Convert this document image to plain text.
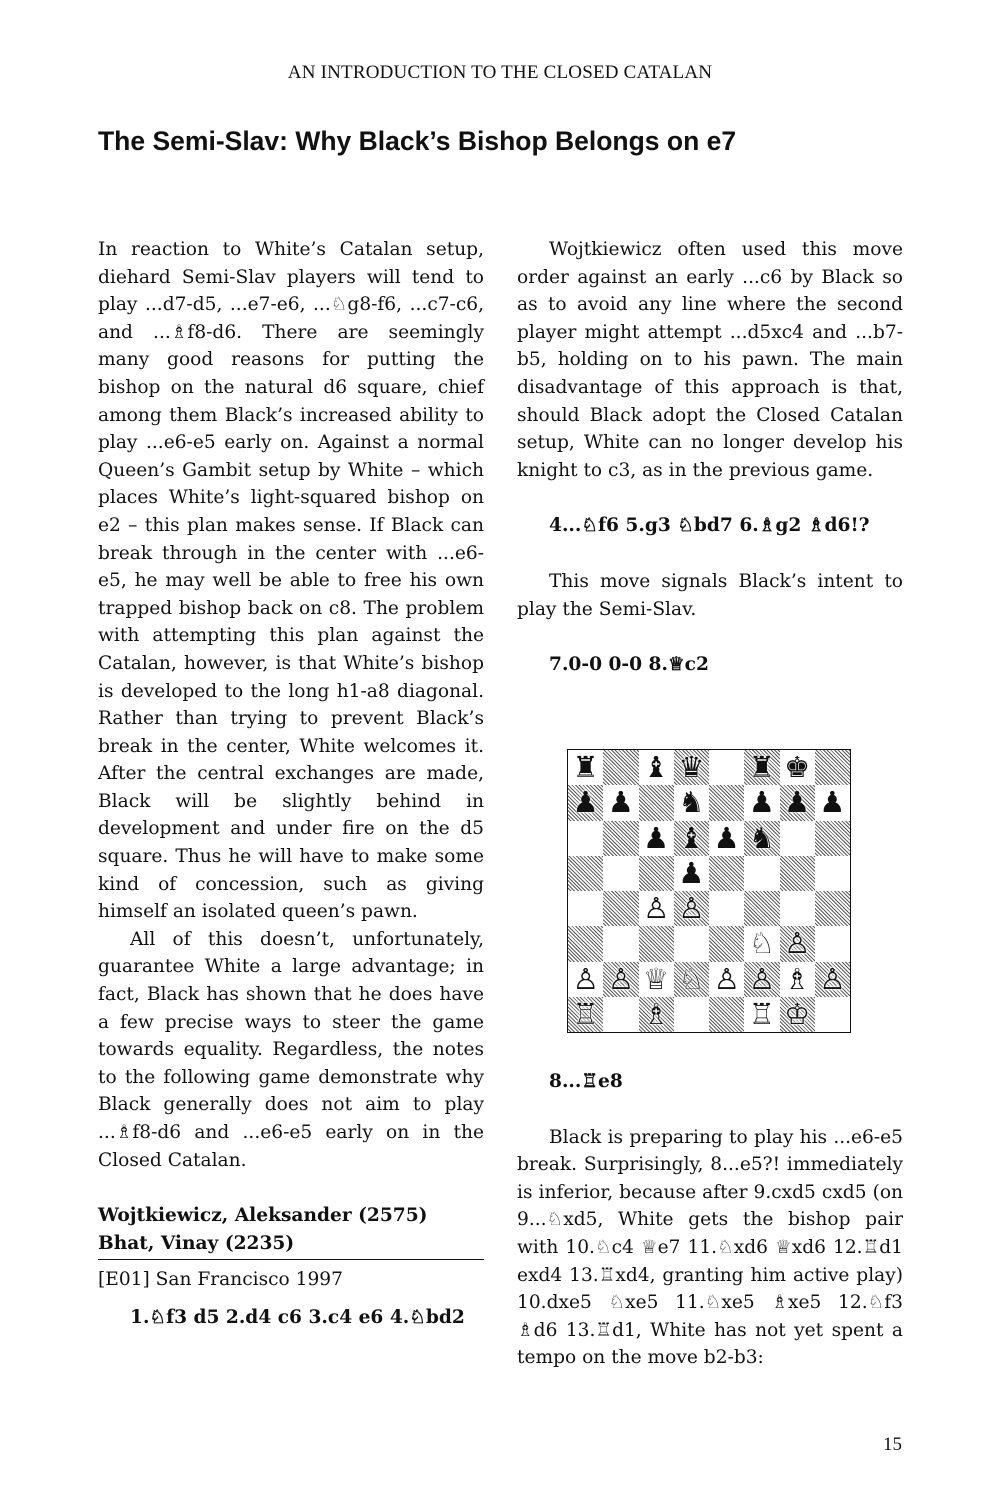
AN INTRODUCTION TO THE CLOSED CATALAN
The Semi-Slav: Why Black’s Bishop Belongs on e7

In reaction to White’s Catalan setup, diehard Semi-Slav players will tend to play ...d7-d5, ...e7-e6, ...♘g8-f6, ...c7-c6, and ...♗f8-d6. There are seemingly many good reasons for putting the bishop on the natural d6 square, chief among them Black’s increased ability to play ...e6-e5 early on. Against a normal Queen’s Gambit setup by White – which places White’s light-squared bishop on e2 – this plan makes sense. If Black can break through in the center with ...e6-e5, he may well be able to free his own trapped bishop back on c8. The problem with attempting this plan against the Catalan, however, is that White’s bishop is developed to the long h1-a8 diagonal. Rather than trying to prevent Black’s break in the center, White welcomes it. After the central exchanges are made, Black will be slightly behind in development and under fire on the d5 square. Thus he will have to make some kind of concession, such as giving himself an isolated queen’s pawn.

All of this doesn’t, unfortunately, guarantee White a large advantage; in fact, Black has shown that he does have a few precise ways to steer the game towards equality. Regardless, the notes to the following game demonstrate why Black generally does not aim to play ...♗f8-d6 and ...e6-e5 early on in the Closed Catalan.

Wojtkiewicz, Aleksander (2575)

Bhat, Vinay (2235)

[E01] San Francisco 1997

1.♘f3 d5 2.d4 c6 3.c4 e6 4.♘bd2

Wojtkiewicz often used this move order against an early ...c6 by Black so as to avoid any line where the second player might attempt ...d5xc4 and ...b7-b5, holding on to his pawn. The main disadvantage of this approach is that, should Black adopt the Closed Catalan setup, White can no longer develop his knight to c3, as in the previous game.

4...♘f6 5.g3 ♘bd7 6.♗g2 ♗d6!?

This move signals Black’s intent to play the Semi-Slav.

7.0-0 0-0 8.♕c2

♜ ♝ ♛ ♜ ♚
♟ ♟ ♞ ♟ ♟ ♟
♟ ♝ ♟ ♞
♟
♙ ♙
♘ ♙
♙ ♙ ♕ ♘ ♙ ♙ ♗ ♙
♖ ♗	♖ ♔

8...♖e8

Black is preparing to play his ...e6-e5 break. Surprisingly, 8...e5?! immediately is inferior, because after 9.cxd5 cxd5 (on 9...♘xd5, White gets the bishop pair with 10.♘c4 ♕e7 11.♘xd6 ♕xd6 12.♖d1 exd4 13.♖xd4, granting him active play) 10.dxe5 ♘xe5 11.♘xe5 ♗xe5 12.♘f3 ♗d6 13.♖d1, White has not yet spent a tempo on the move b2-b3:

15
